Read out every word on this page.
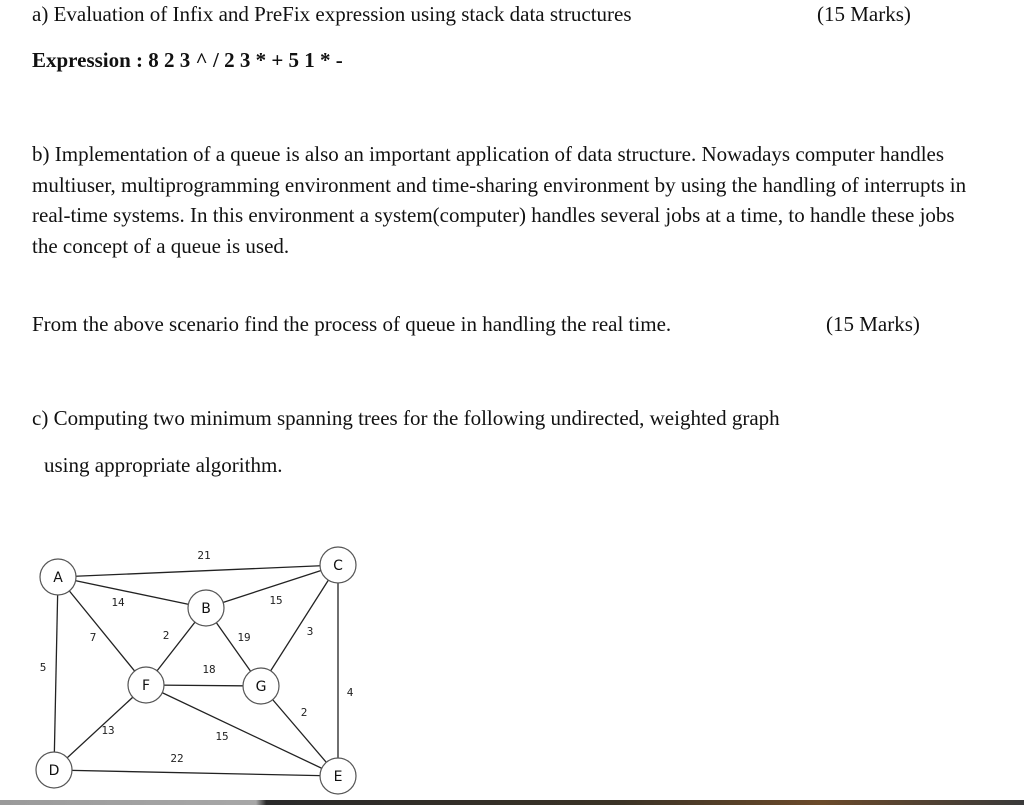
a) Evaluation of Infix and PreFix expression using stack data structures	(15 Marks)
Expression : 8 2 3 ^ / 2 3 * + 5 1 * -
b) Implementation of a queue is also an important application of data structure. Nowadays computer handles multiuser, multiprogramming environment and time-sharing environment by using the handling of interrupts in real-time systems. In this environment a system(computer) handles several jobs at a time, to handle these jobs the concept of a queue is used.
From the above scenario find the process of queue in handling the real time.	(15 Marks)
c) Computing two minimum spanning trees for the following undirected, weighted graph
using appropriate algorithm.
21
14
7
5
2
15
19	3
4
18
13	15
2
22
A
B
C
D	E
F	G
